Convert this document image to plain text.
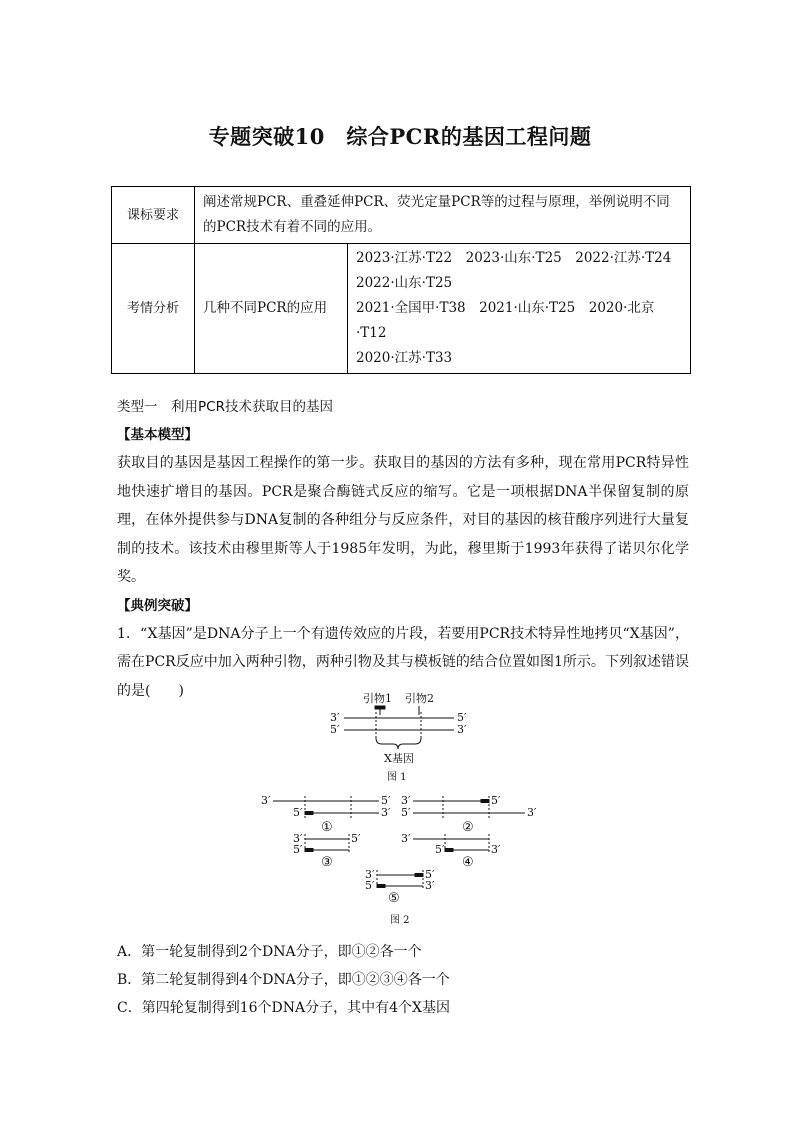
专题突破10　综合PCR的基因工程问题
课标要求	阐述常规PCR、重叠延伸PCR、荧光定量PCR等的过程与原理，举例说明不同的PCR技术有着不同的应用。	
考情分析	几种不同PCR的应用	2023·江苏·T22　2023·山东·T25　2022·江苏·T24
2022·山东·T25
2021·全国甲·T38　2021·山东·T25　2020·北京·T12
2020·江苏·T33
类型一　利用PCR技术获取目的基因
【基本模型】
获取目的基因是基因工程操作的第一步。获取目的基因的方法有多种，现在常用PCR特异性地快速扩增目的基因。PCR是聚合酶链式反应的缩写。它是一项根据DNA半保留复制的原理，在体外提供参与DNA复制的各种组分与反应条件，对目的基因的核苷酸序列进行大量复制的技术。该技术由穆里斯等人于1985年发明，为此，穆里斯于1993年获得了诺贝尔化学奖。
【典例突破】
1．“X基因”是DNA分子上一个有遗传效应的片段，若要用PCR技术特异性地拷贝“X基因”，需在PCR反应中加入两种引物，两种引物及其与模板链的结合位置如图1所示。下列叙述错误的是(　　)	引物1 引物2
3′
5′
5′
3′
X基因
图 1
3′	5′
5′	3′
①
3′	5′
5′	3′
②
3′	5′
5′
③
3′
5′	3′
④
3′	5′
5′	3′
⑤
图 2
A．第一轮复制得到2个DNA分子，即①②各一个
B．第二轮复制得到4个DNA分子，即①②③④各一个
C．第四轮复制得到16个DNA分子，其中有4个X基因
